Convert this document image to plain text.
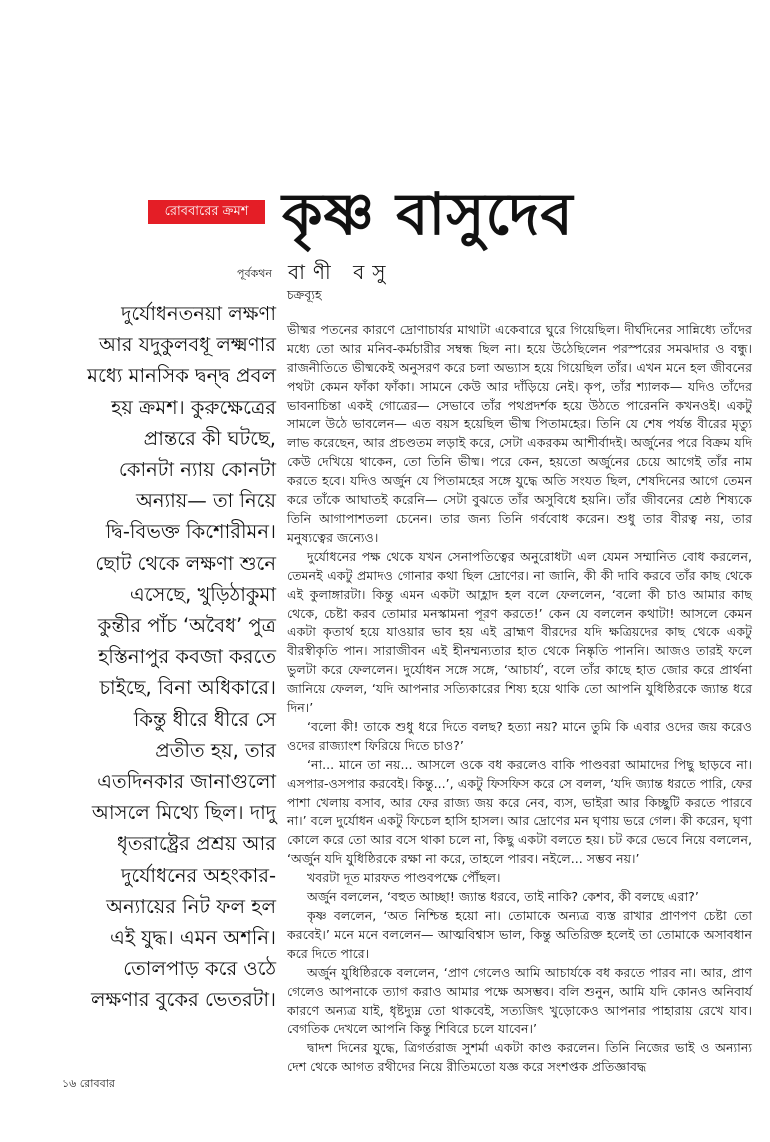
রোববারের ক্রমশ কৃষ্ণ বাসুদেব
পূর্বকথন বাণী বসু
দুর্যোধনতনয়া লক্ষণা
আর যদুকুলবধূ লক্ষ্মণার
মধ্যে মানসিক দ্বন্দ্ব প্রবল
হয় ক্রমশ। কুরুক্ষেত্রের
প্রান্তরে কী ঘটছে,
কোনটা ন্যায় কোনটা
অন্যায়— তা নিয়ে
দ্বি-বিভক্ত কিশোরীমন।
ছোট থেকে লক্ষণা শুনে
এসেছে, খুড়িঠাকুমা
কুন্তীর পাঁচ ‘অবৈধ’ পুত্র
হস্তিনাপুর কবজা করতে
চাইছে, বিনা অধিকারে।
কিন্তু ধীরে ধীরে সে
প্রতীত হয়, তার
এতদিনকার জানাগুলো
আসলে মিথ্যে ছিল। দাদু
ধৃতরাষ্ট্রের প্রশ্রয় আর
দুর্যোধনের অহংকার-
অন্যায়ের নিট ফল হল
এই যুদ্ধ। এমন অশনি।
তোলপাড় করে ওঠে
লক্ষণার বুকের ভেতরটা।
চক্রব্যূহ

ভীষ্মর পতনের কারণে দ্রোণাচার্যর মাথাটা একেবারে ঘুরে গিয়েছিল। দীর্ঘদিনের সান্নিধ্যে তাঁদের মধ্যে তো আর মনিব-কর্মচারীর সম্বন্ধ ছিল না। হয়ে উঠেছিলেন পরস্পরের সমঝদার ও বন্ধু। রাজনীতিতে ভীষ্মকেই অনুসরণ করে চলা অভ্যাস হয়ে গিয়েছিল তাঁর। এখন মনে হল জীবনের পথটা কেমন ফাঁকা ফাঁকা। সামনে কেউ আর দাঁড়িয়ে নেই। কৃপ, তাঁর শ্যালক— যদিও তাঁদের ভাবনাচিন্তা একই গোত্রের— সেভাবে তাঁর পথপ্রদর্শক হয়ে উঠতে পারেননি কখনওই। একটু সামলে উঠে ভাবলেন— এত বয়স হয়েছিল ভীষ্ম পিতামহের। তিনি যে শেষ পর্যন্ত বীরের মৃত্যু লাভ করেছেন, আর প্রচণ্ডতম লড়াই করে, সেটা একরকম আশীর্বাদই। অর্জুনের পরে বিক্রম যদি কেউ দেখিয়ে থাকেন, তো তিনি ভীষ্ম। পরে কেন, হয়তো অর্জুনের চেয়ে আগেই তাঁর নাম করতে হবে। যদিও অর্জুন যে পিতামহের সঙ্গে যুদ্ধে অতি সংযত ছিল, শেষদিনের আগে তেমন করে তাঁকে আঘাতই করেনি— সেটা বুঝতে তাঁর অসুবিধে হয়নি। তাঁর জীবনের শ্রেষ্ঠ শিষ্যকে তিনি আগাপাশতলা চেনেন। তার জন্য তিনি গর্ববোধ করেন। শুধু তার বীরত্ব নয়, তার মনুষ্যত্বের জন্যেও।

দুর্যোধনের পক্ষ থেকে যখন সেনাপতিত্বের অনুরোধটা এল যেমন সম্মানিত বোধ করলেন, তেমনই একটু প্রমাদও গোনার কথা ছিল দ্রোণের। না জানি, কী কী দাবি করবে তাঁর কাছ থেকে এই কুলাঙ্গারটা। কিন্তু এমন একটা আহ্লাদ হল বলে ফেললেন, ‘বলো কী চাও আমার কাছ থেকে, চেষ্টা করব তোমার মনস্কামনা পূরণ করতে!’ কেন যে বললেন কথাটা! আসলে কেমন একটা কৃতার্থ হয়ে যাওয়ার ভাব হয় এই ব্রাহ্মণ বীরদের যদি ক্ষত্রিয়দের কাছ থেকে একটু বীরস্বীকৃতি পান। সারাজীবন এই হীনম্মন্যতার হাত থেকে নিষ্কৃতি পাননি। আজও তারই ফলে ভুলটা করে ফেললেন। দুর্যোধন সঙ্গে সঙ্গে, ‘আচার্য’, বলে তাঁর কাছে হাত জোর করে প্রার্থনা জানিয়ে ফেলল, ‘যদি আপনার সত্যিকারের শিষ্য হয়ে থাকি তো আপনি যুধিষ্ঠিরকে জ্যান্ত ধরে দিন।’

‘বলো কী! তাকে শুধু ধরে দিতে বলছ? হত্যা নয়? মানে তুমি কি এবার ওদের জয় করেও ওদের রাজ্যাংশ ফিরিয়ে দিতে চাও?’

‘না... মানে তা নয়... আসলে ওকে বধ করলেও বাকি পাণ্ডবরা আমাদের পিছু ছাড়বে না। এসপার-ওসপার করবেই। কিন্তু...’, একটু ফিসফিস করে সে বলল, ‘যদি জ্যান্ত ধরতে পারি, ফের পাশা খেলায় বসাব, আর ফের রাজ্য জয় করে নেব, ব্যস, ভাইরা আর কিচ্ছুটি করতে পারবে না।’ বলে দুর্যোধন একটু ফিচেল হাসি হাসল। আর দ্রোণের মন ঘৃণায় ভরে গেল। কী করেন, ঘৃণা কোলে করে তো আর বসে থাকা চলে না, কিছু একটা বলতে হয়। চট করে ভেবে নিয়ে বললেন, ‘অর্জুন যদি যুধিষ্ঠিরকে রক্ষা না করে, তাহলে পারব। নইলে... সম্ভব নয়।’

খবরটা দূত মারফত পাণ্ডবপক্ষে পৌঁছল।

অর্জুন বললেন, ‘বহুত আচ্ছা! জ্যান্ত ধরবে, তাই নাকি? কেশব, কী বলছে এরা?’

কৃষ্ণ বললেন, ‘অত নিশ্চিন্ত হয়ো না। তোমাকে অন্যত্র ব্যস্ত রাখার প্রাণপণ চেষ্টা তো করবেই।’ মনে মনে বললেন— আত্মবিশ্বাস ভাল, কিন্তু অতিরিক্ত হলেই তা তোমাকে অসাবধান করে দিতে পারে।

অর্জুন যুধিষ্ঠিরকে বললেন, ‘প্রাণ গেলেও আমি আচার্যকে বধ করতে পারব না। আর, প্রাণ গেলেও আপনাকে ত্যাগ করাও আমার পক্ষে অসম্ভব। বলি শুনুন, আমি যদি কোনও অনিবার্য কারণে অন্যত্র যাই, ধৃষ্টদ্যুম্ন তো থাকবেই, সত্যজিৎ খুড়োকেও আপনার পাহারায় রেখে যাব। বেগতিক দেখলে আপনি কিন্তু শিবিরে চলে যাবেন।’

দ্বাদশ দিনের যুদ্ধে, ত্রিগর্তরাজ সুশর্মা একটা কাণ্ড করলেন। তিনি নিজের ভাই ও অন্যান্য দেশ থেকে আগত রথীদের নিয়ে রীতিমতো যজ্ঞ করে সংশপ্তক প্রতিজ্ঞাবদ্ধ

১৬ রোববার
